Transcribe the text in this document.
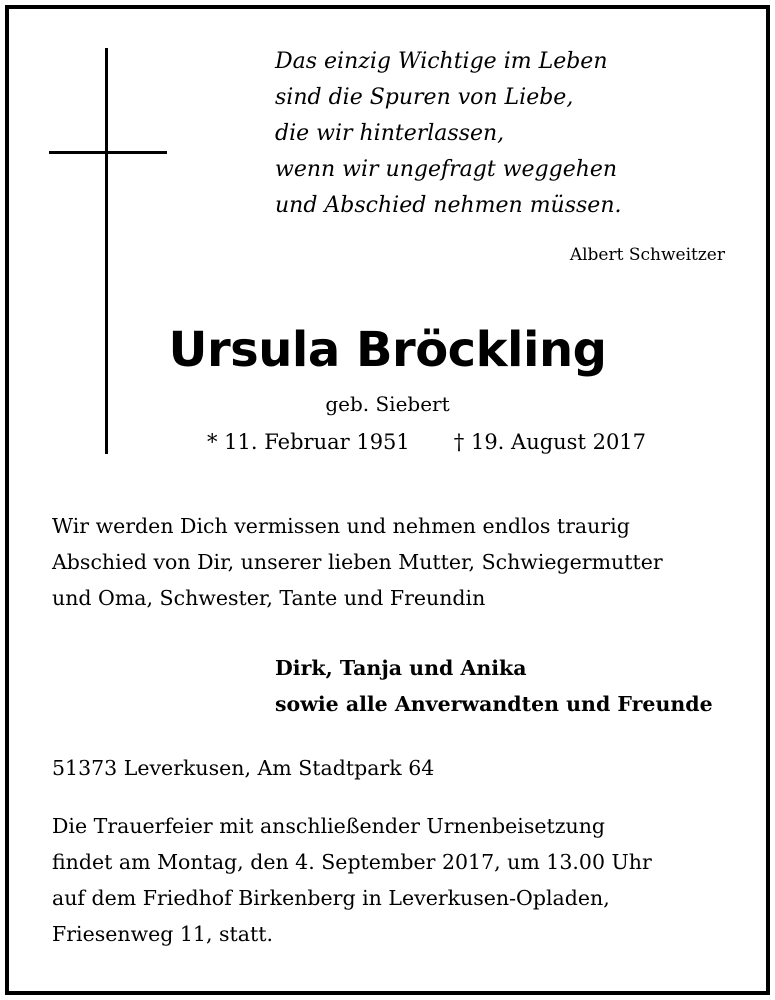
Das einzig Wichtige im Leben
sind die Spuren von Liebe,
die wir hinterlassen,
wenn wir ungefragt weggehen
und Abschied nehmen müssen.
Albert Schweitzer
Ursula Bröckling
geb. Siebert
* 11. Februar 1951 † 19. August 2017
Wir werden Dich vermissen und nehmen endlos traurig
Abschied von Dir, unserer lieben Mutter, Schwiegermutter
und Oma, Schwester, Tante und Freundin
Dirk, Tanja und Anika
sowie alle Anverwandten und Freunde
51373 Leverkusen, Am Stadtpark 64
Die Trauerfeier mit anschließender Urnenbeisetzung
findet am Montag, den 4. September 2017, um 13.00 Uhr
auf dem Friedhof Birkenberg in Leverkusen-Opladen,
Friesenweg 11, statt.
